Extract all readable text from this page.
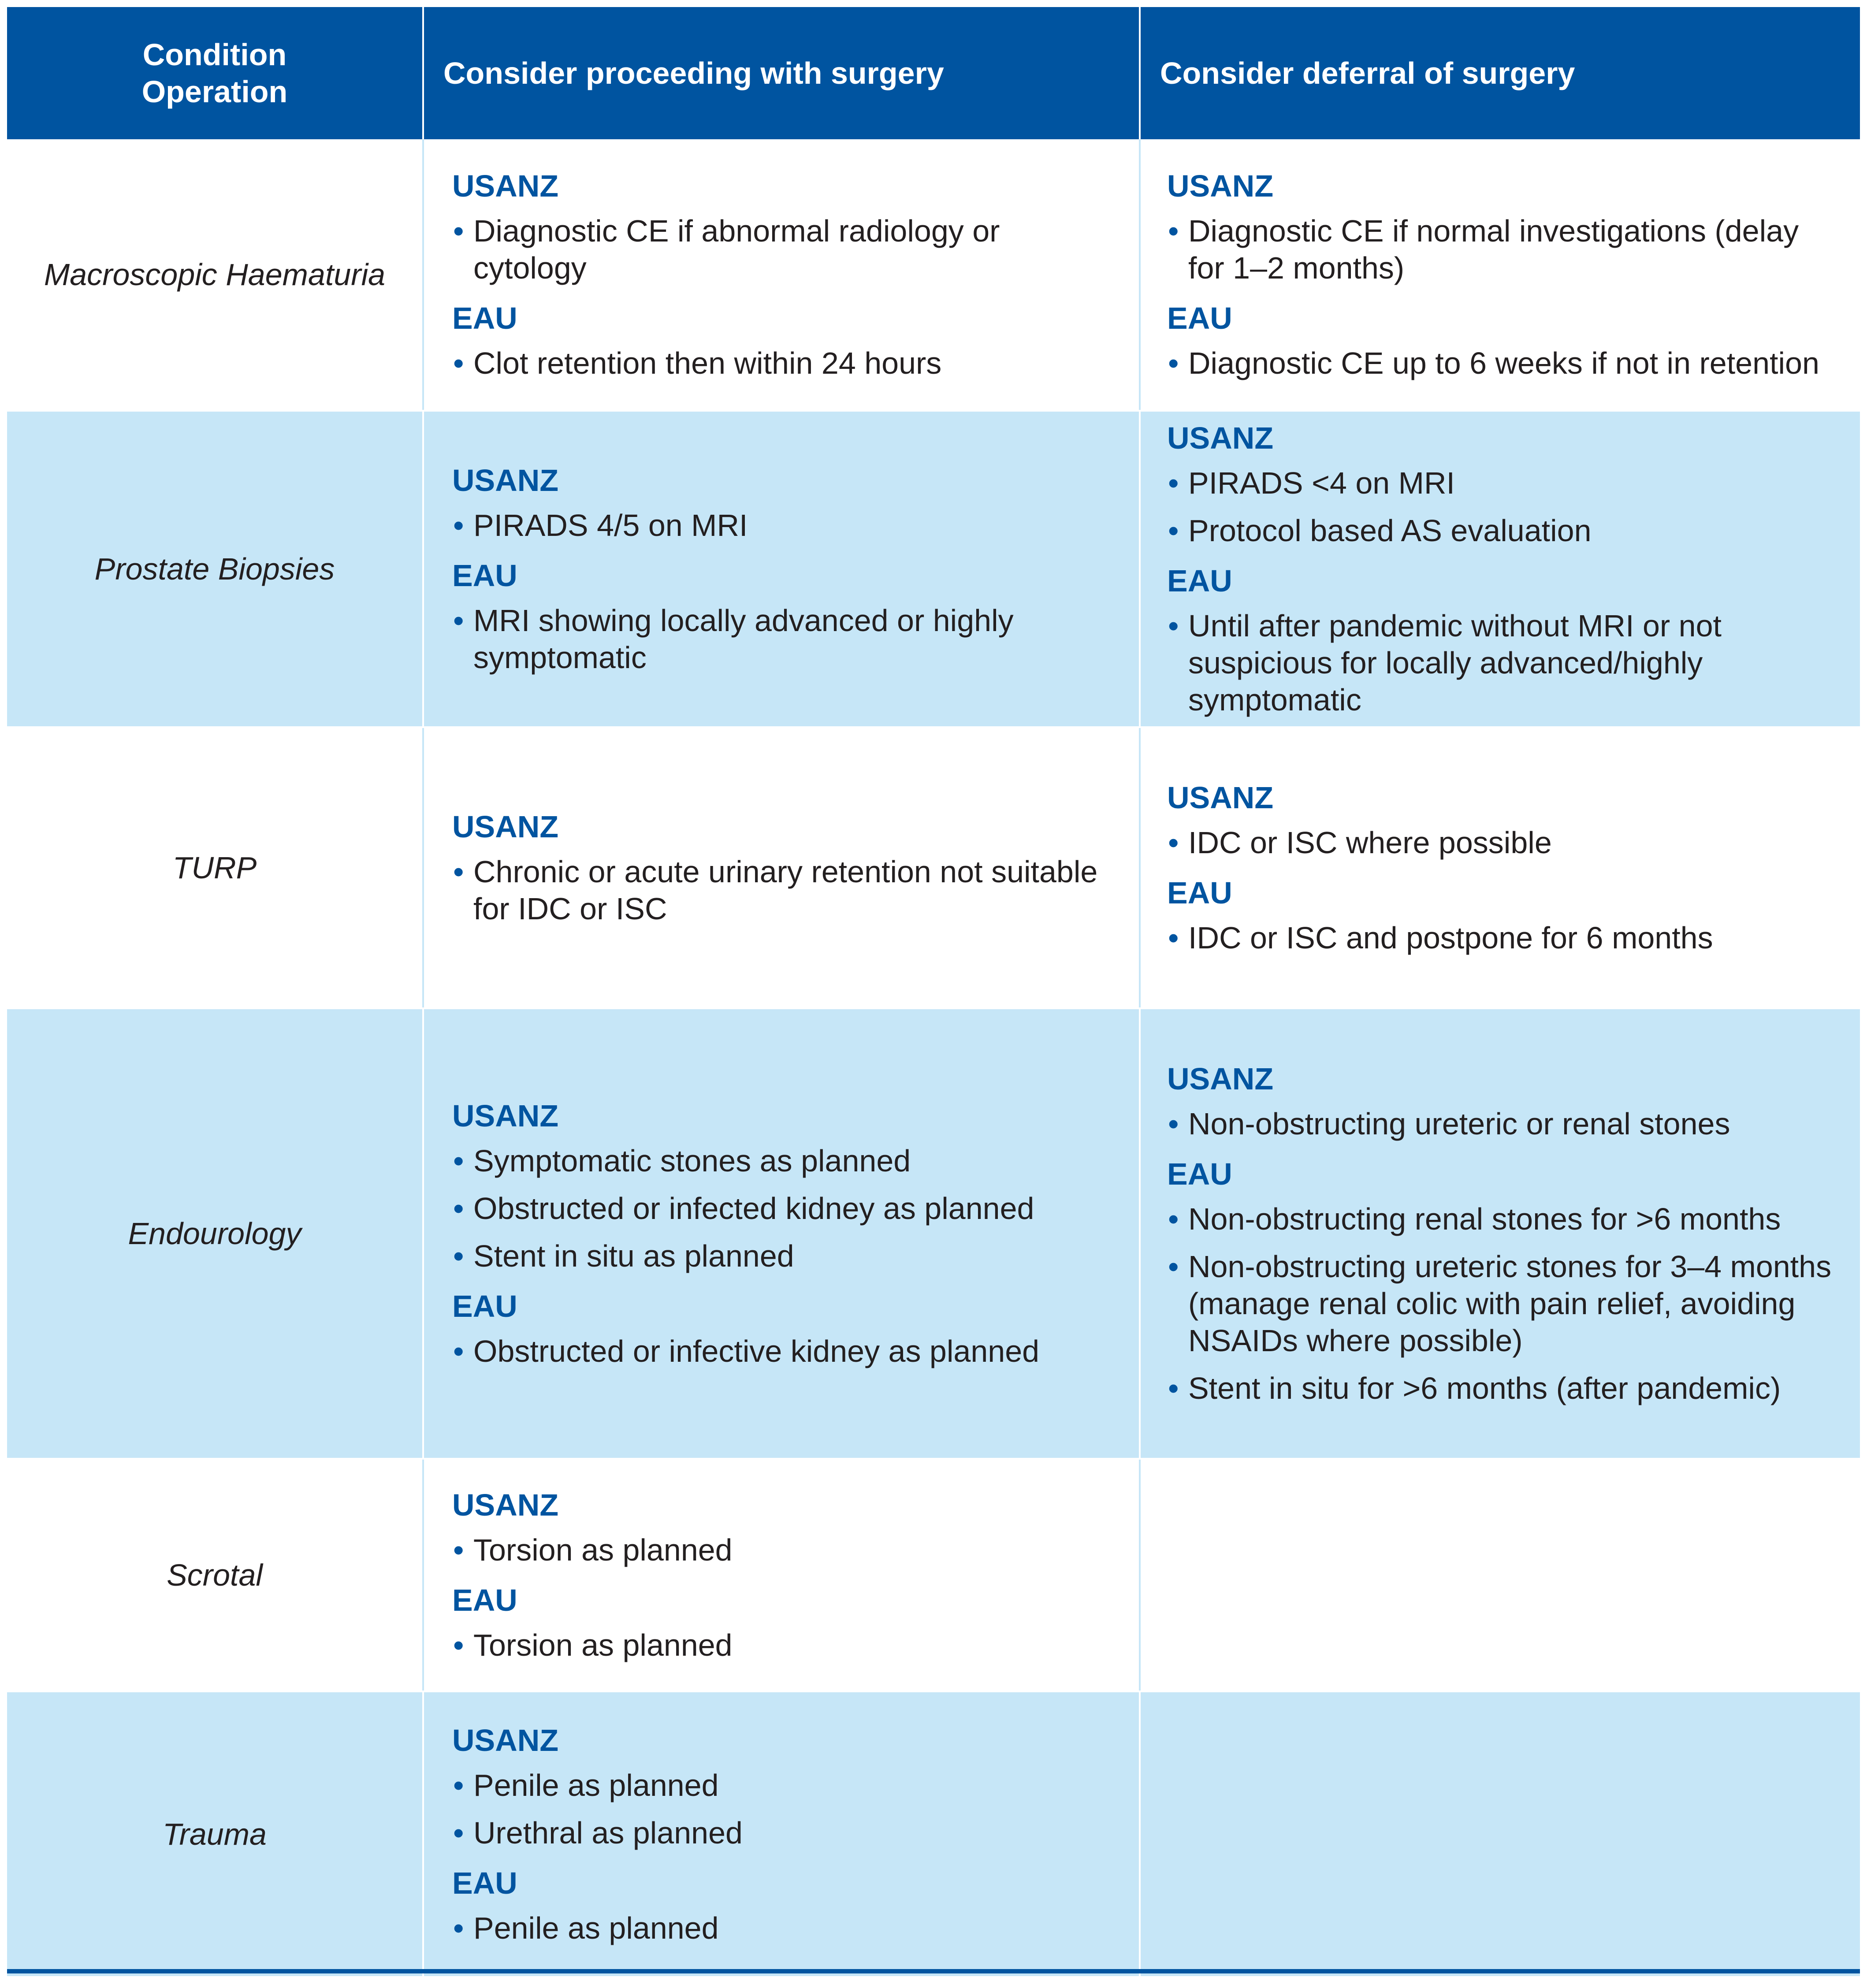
Condition Operation
Consider proceeding with surgery	Consider deferral of surgery
Macroscopic Haematuria
USANZ
• Diagnostic CE if abnormal radiology or cytology
EAU
• Clot retention then within 24 hours
USANZ
• Diagnostic CE if normal investigations (delay for 1–2 months)
EAU
• Diagnostic CE up to 6 weeks if not in retention
Prostate Biopsies
USANZ
• PIRADS 4/5 on MRI
EAU
• MRI showing locally advanced or highly symptomatic
USANZ
• PIRADS <4 on MRI
• Protocol based AS evaluation
EAU
• Until after pandemic without MRI or not suspicious for locally advanced/highly symptomatic
TURP
USANZ
• Chronic or acute urinary retention not suitable for IDC or ISC
USANZ
• IDC or ISC where possible
EAU
• IDC or ISC and postpone for 6 months
Endourology
USANZ
• Symptomatic stones as planned
• Obstructed or infected kidney as planned
• Stent in situ as planned
EAU
• Obstructed or infective kidney as planned
USANZ
• Non-obstructing ureteric or renal stones
EAU
• Non-obstructing renal stones for >6 months
• Non-obstructing ureteric stones for 3–4 months (manage renal colic with pain relief, avoiding NSAIDs where possible)
• Stent in situ for >6 months (after pandemic)
Scrotal
USANZ
• Torsion as planned
EAU
• Torsion as planned
Trauma
USANZ
• Penile as planned
• Urethral as planned
EAU
• Penile as planned
